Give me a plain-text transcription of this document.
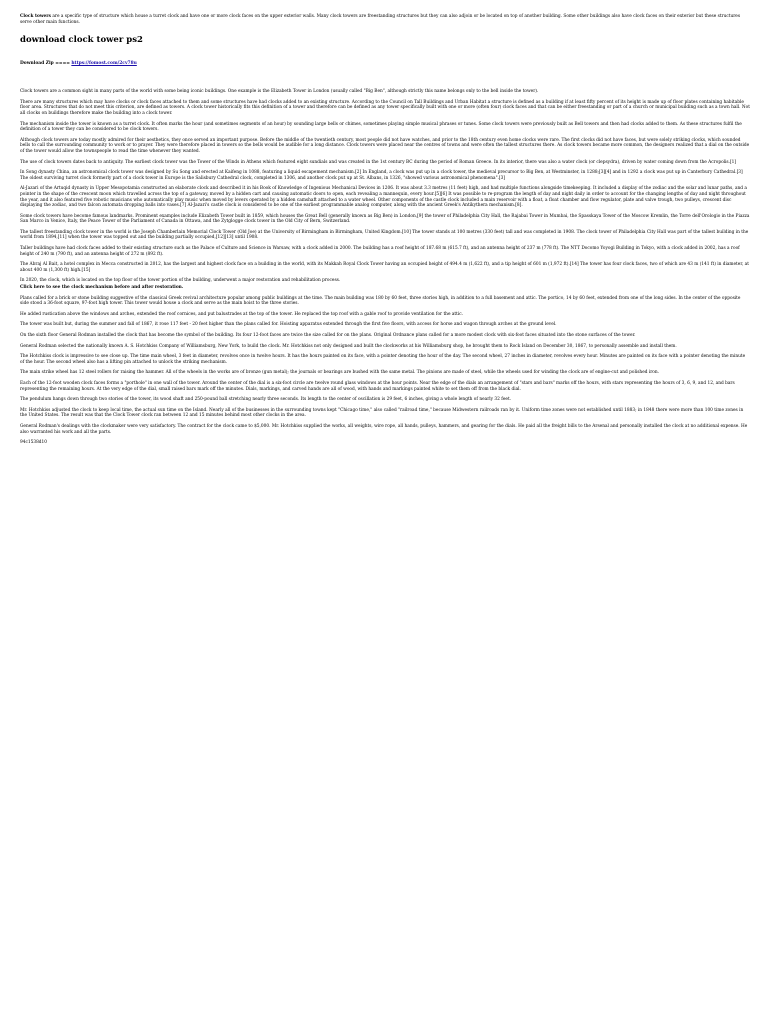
Clock towers are a specific type of structure which house a turret clock and have one or more clock faces on the upper exterior walls. Many clock towers are freestanding structures but they can also adjoin or be located on top of another building. Some other buildings also have clock faces on their exterior but these structures serve other main functions.

download clock tower ps2

Download Zip ==== https://fomost.com/2cv78u

Clock towers are a common sight in many parts of the world with some being iconic buildings. One example is the Elizabeth Tower in London (usually called "Big Ben", although strictly this name belongs only to the bell inside the tower).

There are many structures which may have clocks or clock faces attached to them and some structures have had clocks added to an existing structure. According to the Council on Tall Buildings and Urban Habitat a structure is defined as a building if at least fifty percent of its height is made up of floor plates containing habitable floor area. Structures that do not meet this criterion, are defined as towers. A clock tower historically fits this definition of a tower and therefore can be defined as any tower specifically built with one or more (often four) clock faces and that can be either freestanding or part of a church or municipal building such as a town hall. Not all clocks on buildings therefore make the building into a clock tower.

The mechanism inside the tower is known as a turret clock. It often marks the hour (and sometimes segments of an hour) by sounding large bells or chimes, sometimes playing simple musical phrases or tunes. Some clock towers were previously built as Bell towers and then had clocks added to them. As these structures fulfil the definition of a tower they can be considered to be clock towers.

Although clock towers are today mostly admired for their aesthetics, they once served an important purpose. Before the middle of the twentieth century, most people did not have watches, and prior to the 18th century even home clocks were rare. The first clocks did not have faces, but were solely striking clocks, which sounded bells to call the surrounding community to work or to prayer. They were therefore placed in towers so the bells would be audible for a long distance. Clock towers were placed near the centres of towns and were often the tallest structures there. As clock towers became more common, the designers realized that a dial on the outside of the tower would allow the townspeople to read the time whenever they wanted.

The use of clock towers dates back to antiquity. The earliest clock tower was the Tower of the Winds in Athens which featured eight sundials and was created in the 1st century BC during the period of Roman Greece. In its interior, there was also a water clock (or clepsydra), driven by water coming down from the Acropolis.[1]

In Song dynasty China, an astronomical clock tower was designed by Su Song and erected at Kaifeng in 1088, featuring a liquid escapement mechanism.[2] In England, a clock was put up in a clock tower, the medieval precursor to Big Ben, at Westminster, in 1288;[3][4] and in 1292 a clock was put up in Canterbury Cathedral.[3] The oldest surviving turret clock formerly part of a clock tower in Europe is the Salisbury Cathedral clock, completed in 1306, and another clock put up at St. Albans, in 1326, "showed various astronomical phenomena".[3]

Al-Jazari of the Artuqid dynasty in Upper Mesopotamia constructed an elaborate clock and described it in his Book of Knowledge of Ingenious Mechanical Devices in 1206. It was about 3.3 metres (11 feet) high, and had multiple functions alongside timekeeping. It included a display of the zodiac and the solar and lunar paths, and a pointer in the shape of the crescent moon which travelled across the top of a gateway, moved by a hidden cart and causing automatic doors to open, each revealing a mannequin, every hour.[5][6] It was possible to re-program the length of day and night daily in order to account for the changing lengths of day and night throughout the year, and it also featured five robotic musicians who automatically play music when moved by levers operated by a hidden camshaft attached to a water wheel. Other components of the castle clock included a main reservoir with a float, a float chamber and flow regulator, plate and valve trough, two pulleys, crescent disc displaying the zodiac, and two falcon automata dropping balls into vases.[7] Al-Jazari's castle clock is considered to be one of the earliest programmable analog computer, along with the ancient Greek's Antikythera mechanism.[8].

Some clock towers have become famous landmarks. Prominent examples include Elizabeth Tower built in 1859, which houses the Great Bell (generally known as Big Ben) in London,[9] the tower of Philadelphia City Hall, the Rajabai Tower in Mumbai, the Spasskaya Tower of the Moscow Kremlin, the Torre dell'Orologio in the Piazza San Marco in Venice, Italy, the Peace Tower of the Parliament of Canada in Ottawa, and the Zytglogge clock tower in the Old City of Bern, Switzerland.

The tallest freestanding clock tower in the world is the Joseph Chamberlain Memorial Clock Tower (Old Joe) at the University of Birmingham in Birmingham, United Kingdom.[10] The tower stands at 100 metres (330 feet) tall and was completed in 1908. The clock tower of Philadelphia City Hall was part of the tallest building in the world from 1894,[11] when the tower was topped out and the building partially occupied,[12][13] until 1908.

Taller buildings have had clock faces added to their existing structure such as the Palace of Culture and Science in Warsaw, with a clock added in 2000. The building has a roof height of 187.68 m (615.7 ft), and an antenna height of 237 m (778 ft). The NTT Docomo Yoyogi Building in Tokyo, with a clock added in 2002, has a roof height of 240 m (790 ft), and an antenna height of 272 m (892 ft).

The Abraj Al Bait, a hotel complex in Mecca constructed in 2012, has the largest and highest clock face on a building in the world, with its Makkah Royal Clock Tower having an occupied height of 494.4 m (1,622 ft), and a tip height of 601 m (1,972 ft).[14] The tower has four clock faces, two of which are 43 m (141 ft) in diameter, at about 400 m (1,300 ft) high.[15]

In 2020, the clock, which is located on the top floor of the tower portion of the building, underwent a major restoration and rehabilitation process.

Click here to see the clock mechanism before and after restoration.

Plans called for a brick or stone building suggestive of the classical Greek revival architecture popular among public buildings at the time. The main building was 180 by 60 feet, three stories high, in addition to a full basement and attic. The portico, 14 by 60 feet, extended from one of the long sides. In the center of the opposite side stood a 36-foot square, 97-foot high tower. This tower would house a clock and serve as the main hoist to the three stories.

He added rustication above the windows and arches, extended the roof cornices, and put balustrades at the top of the tower. He replaced the top roof with a gable roof to provide ventilation for the attic.

The tower was built but, during the summer and fall of 1867, it rose 117 feet - 20 feet higher than the plans called for. Hoisting apparatus extended through the first five floors, with access for horse and wagon through arches at the ground level.

On the sixth floor General Rodman installed the clock that has become the symbol of the building. Its four 12-foot faces are twice the size called for on the plans. Original Ordnance plans called for a more modest clock with six-foot faces situated into the stone surfaces of the tower.

General Rodman selected the nationally known A. S. Hotchkiss Company of Williamsburg, New York, to build the clock. Mr. Hotchkiss not only designed and built the clockworks at his Williamsburg shop, he brought them to Rock Island on December 30, 1867, to personally assemble and install them.

The Hotchkiss clock is impressive to see close up. The time main wheel, 3 feet in diameter, revolves once in twelve hours. It has the hours painted on its face, with a pointer denoting the hour of the day. The second wheel, 27 inches in diameter, revolves every hour. Minutes are painted on its face with a pointer denoting the minute of the hour. The second wheel also has a lifting pin attached to unlock the striking mechanism.

The main strike wheel has 12 steel rollers for raising the hammer. All of the wheels in the works are of bronze (gun metal); the journals or bearings are bushed with the same metal. The pinions are made of steel, while the wheels used for winding the clock are of engine-cut and polished iron.

Each of the 12-foot wooden clock faces forms a "porthole" in one wall of the tower. Around the center of the dial is a six-foot circle are twelve round glass windows at the hour points. Near the edge of the dials an arrangement of "stars and bars" marks off the hours, with stars representing the hours of 3, 6, 9, and 12, and bars representing the remaining hours. At the very edge of the dial, small raised bars mark off the minutes. Dials, markings, and carved hands are all of wood, with hands and markings painted white to set them off from the black dial.

The pendulum hangs down through two stories of the tower, its wood shaft and 250-pound ball stretching nearly three seconds. Its length to the center of oscillation is 29 feet, 6 inches, giving a whole length of nearly 32 feet.

Mr. Hotchkiss adjusted the clock to keep local time, the actual sun time on the Island. Nearly all of the businesses in the surrounding towns kept "Chicago time," also called "railroad time," because Midwestern railroads ran by it. Uniform time zones were not established until 1883; in 1848 there were more than 100 time zones in the United States. The result was that the Clock Tower clock ran between 12 and 15 minutes behind most other clocks in the area.

General Rodman's dealings with the clockmaker were very satisfactory. The contract for the clock came to $5,000. Mr. Hotchkiss supplied the works, all weights, wire rope, all hands, pulleys, hammers, and gearing for the dials. He paid all the freight bills to the Arsenal and personally installed the clock at no additional expense. He also warranted his work and all the parts.

94c1538d10
